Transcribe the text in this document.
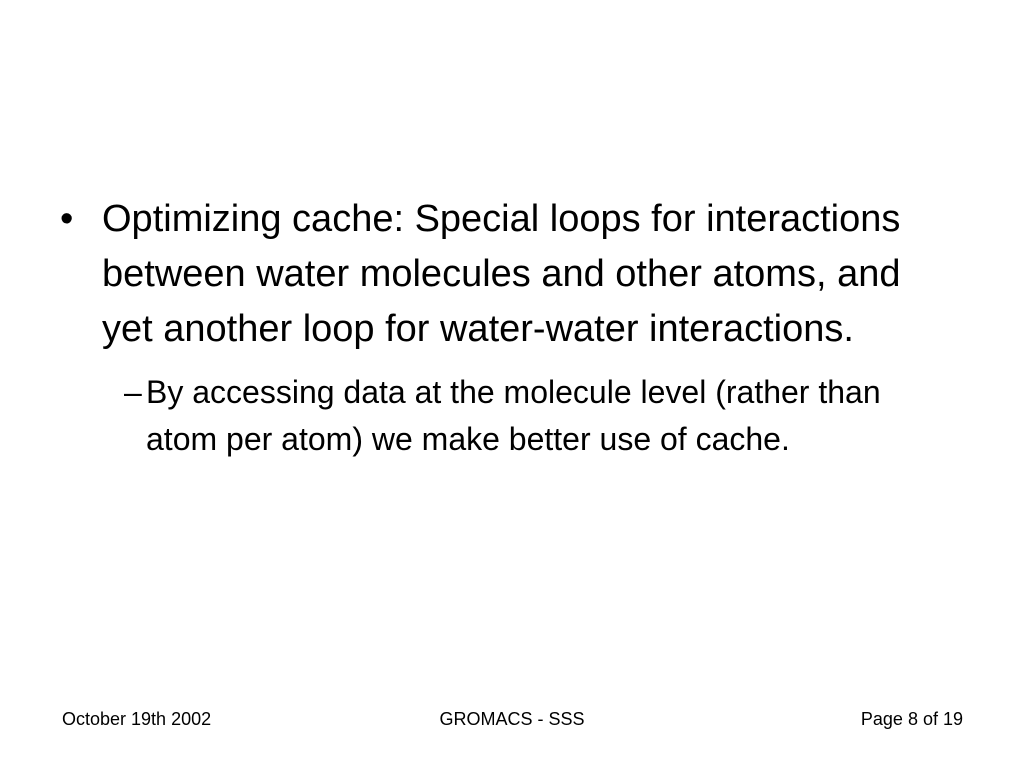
• Optimizing cache: Special loops for interactions between water molecules and other atoms, and yet another loop for water-water interactions.
– By accessing data at the molecule level (rather than atom per atom) we make better use of cache.
October 19th 2002	GROMACS - SSS	Page 8 of 19
